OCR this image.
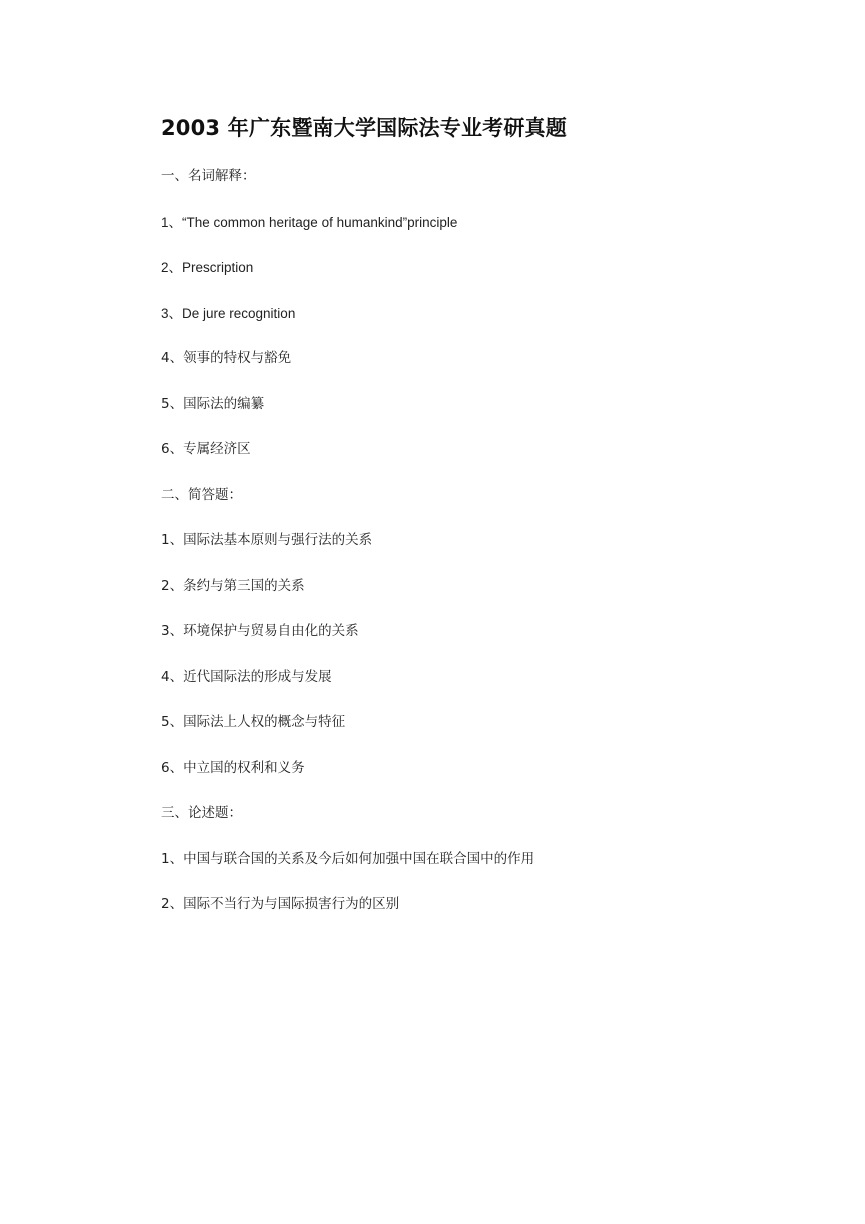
2003 年广东暨南大学国际法专业考研真题
一、名词解释：
1、“The common heritage of humankind”principle
2、Prescription
3、De jure recognition
4、领事的特权与豁免
5、国际法的编纂
6、专属经济区
二、简答题：
1、国际法基本原则与强行法的关系
2、条约与第三国的关系
3、环境保护与贸易自由化的关系
4、近代国际法的形成与发展
5、国际法上人权的概念与特征
6、中立国的权利和义务
三、论述题：
1、中国与联合国的关系及今后如何加强中国在联合国中的作用
2、国际不当行为与国际损害行为的区别
